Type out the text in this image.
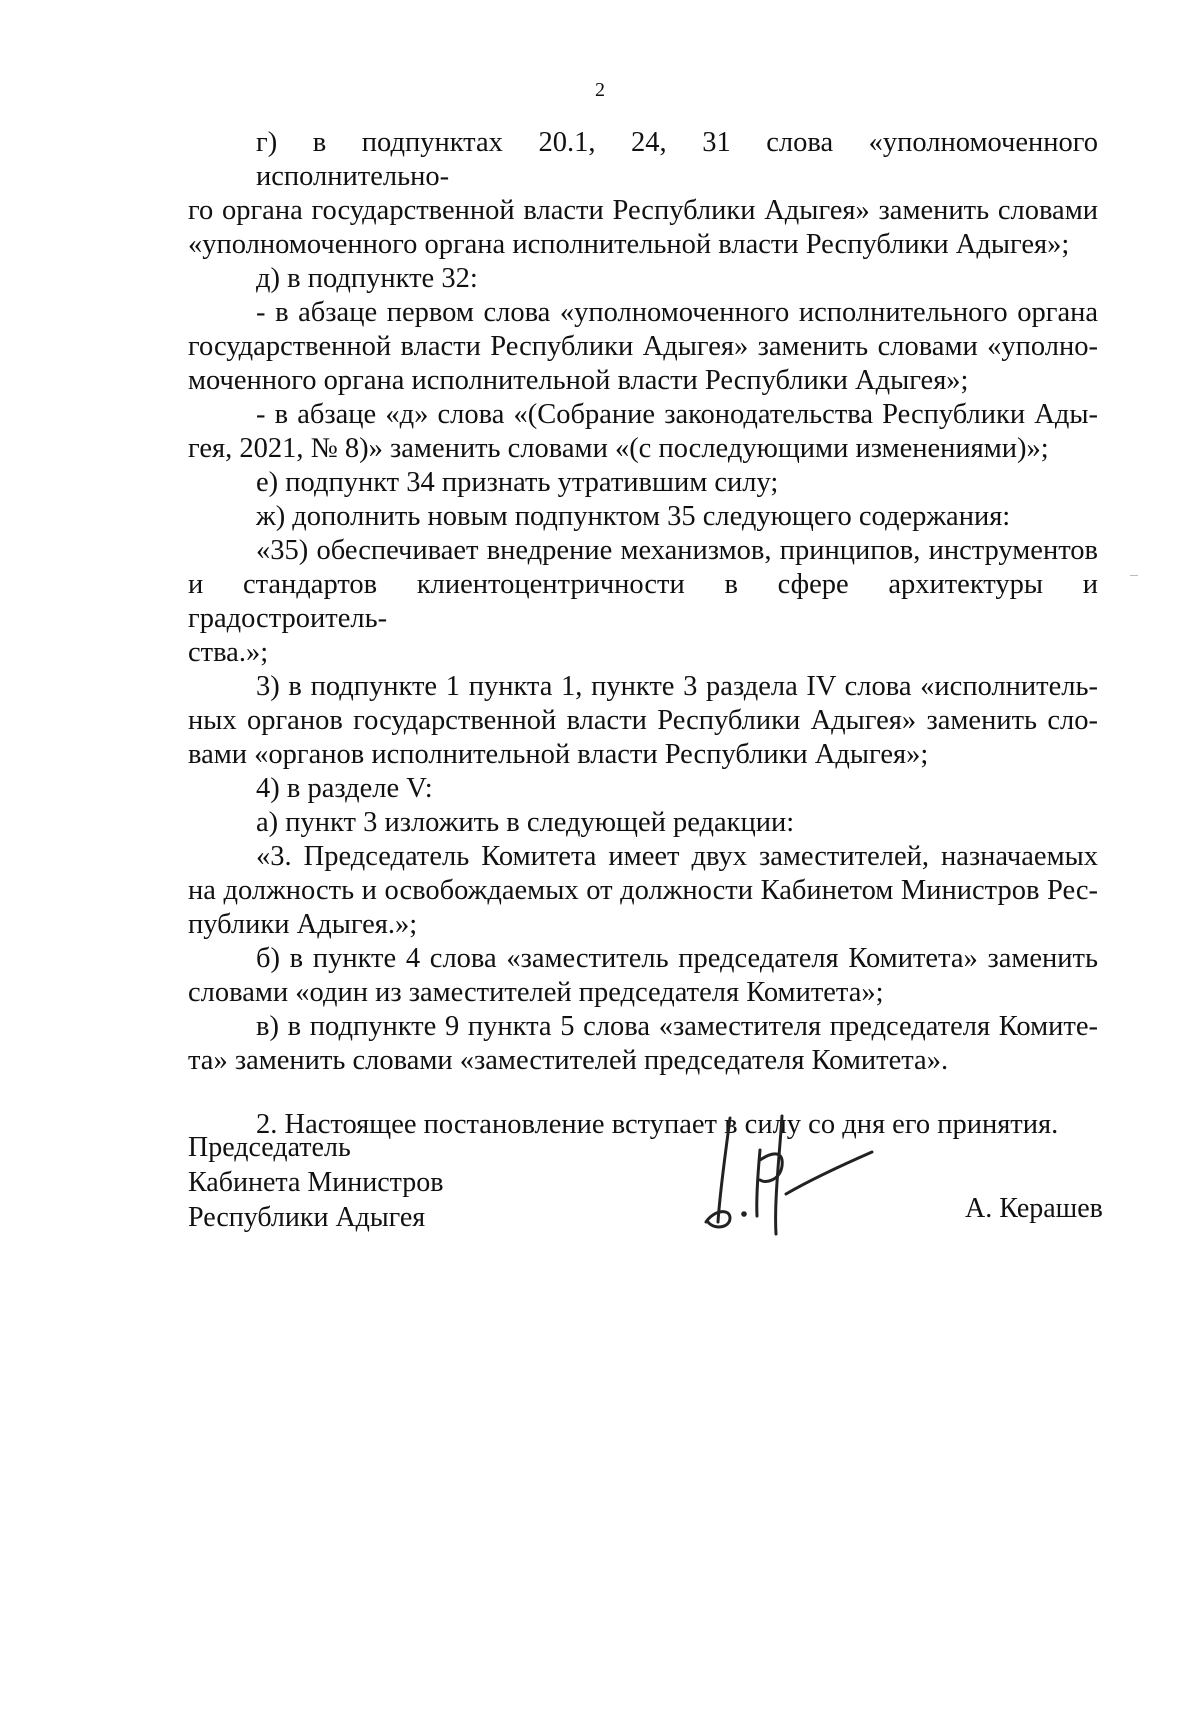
2
г) в подпунктах 20.1, 24, 31 слова «уполномоченного исполнительно-
го органа государственной власти Республики Адыгея» заменить словами
«уполномоченного органа исполнительной власти Республики Адыгея»;
д) в подпункте 32:
- в абзаце первом слова «уполномоченного исполнительного органа
государственной власти Республики Адыгея» заменить словами «уполно-
моченного органа исполнительной власти Республики Адыгея»;
- в абзаце «д» слова «(Собрание законодательства Республики Ады-
гея, 2021, № 8)» заменить словами «(с последующими изменениями)»;
е) подпункт 34 признать утратившим силу;
ж) дополнить новым подпунктом 35 следующего содержания:
«35) обеспечивает внедрение механизмов, принципов, инструментов
и стандартов клиентоцентричности в сфере архитектуры и градостроитель-
ства.»;
3) в подпункте 1 пункта 1, пункте 3 раздела IV слова «исполнитель-
ных органов государственной власти Республики Адыгея» заменить сло-
вами «органов исполнительной власти Республики Адыгея»;
4) в разделе V:
а) пункт 3 изложить в следующей редакции:
«3. Председатель Комитета имеет двух заместителей, назначаемых
на должность и освобождаемых от должности Кабинетом Министров Рес-
публики Адыгея.»;
б) в пункте 4 слова «заместитель председателя Комитета» заменить
словами «один из заместителей председателя Комитета»;
в) в подпункте 9 пункта 5 слова «заместителя председателя Комите-
та» заменить словами «заместителей председателя Комитета».
2. Настоящее постановление вступает в силу со дня его принятия.
Председатель
Кабинета Министров
Республики Адыгея	А. Керашев
